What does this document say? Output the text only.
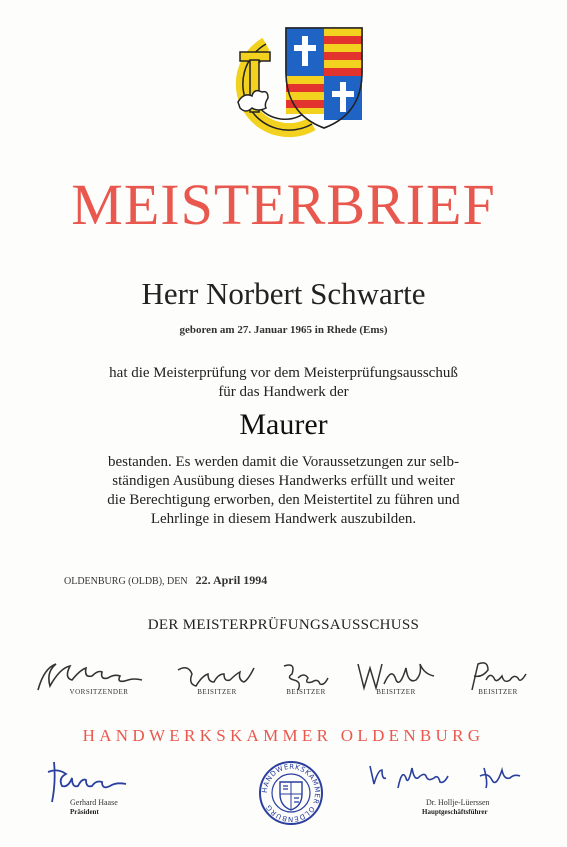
MEISTERBRIEF
Herr Norbert Schwarte
geboren am 27. Januar 1965 in Rhede (Ems)
hat die Meisterprüfung vor dem Meisterprüfungsausschuß
für das Handwerk der
Maurer
bestanden. Es werden damit die Voraussetzungen zur selb-
ständigen Ausübung dieses Handwerks erfüllt und weiter
die Berechtigung erworben, den Meistertitel zu führen und
Lehrlinge in diesem Handwerk auszubilden.
OLDENBURG (OLDB), DEN 22. April 1994
DER MEISTERPRÜFUNGSAUSSCHUSS
VORSITZENDER	BEISITZER	BEISITZER	BEISITZER	BEISITZER
HANDWERKSKAMMER OLDENBURG
Gerhard Haase
Präsident
HANDWERKSKAMMER OLDENBURG
Dr. Hollje-Lüerssen
Hauptgeschäftsführer
